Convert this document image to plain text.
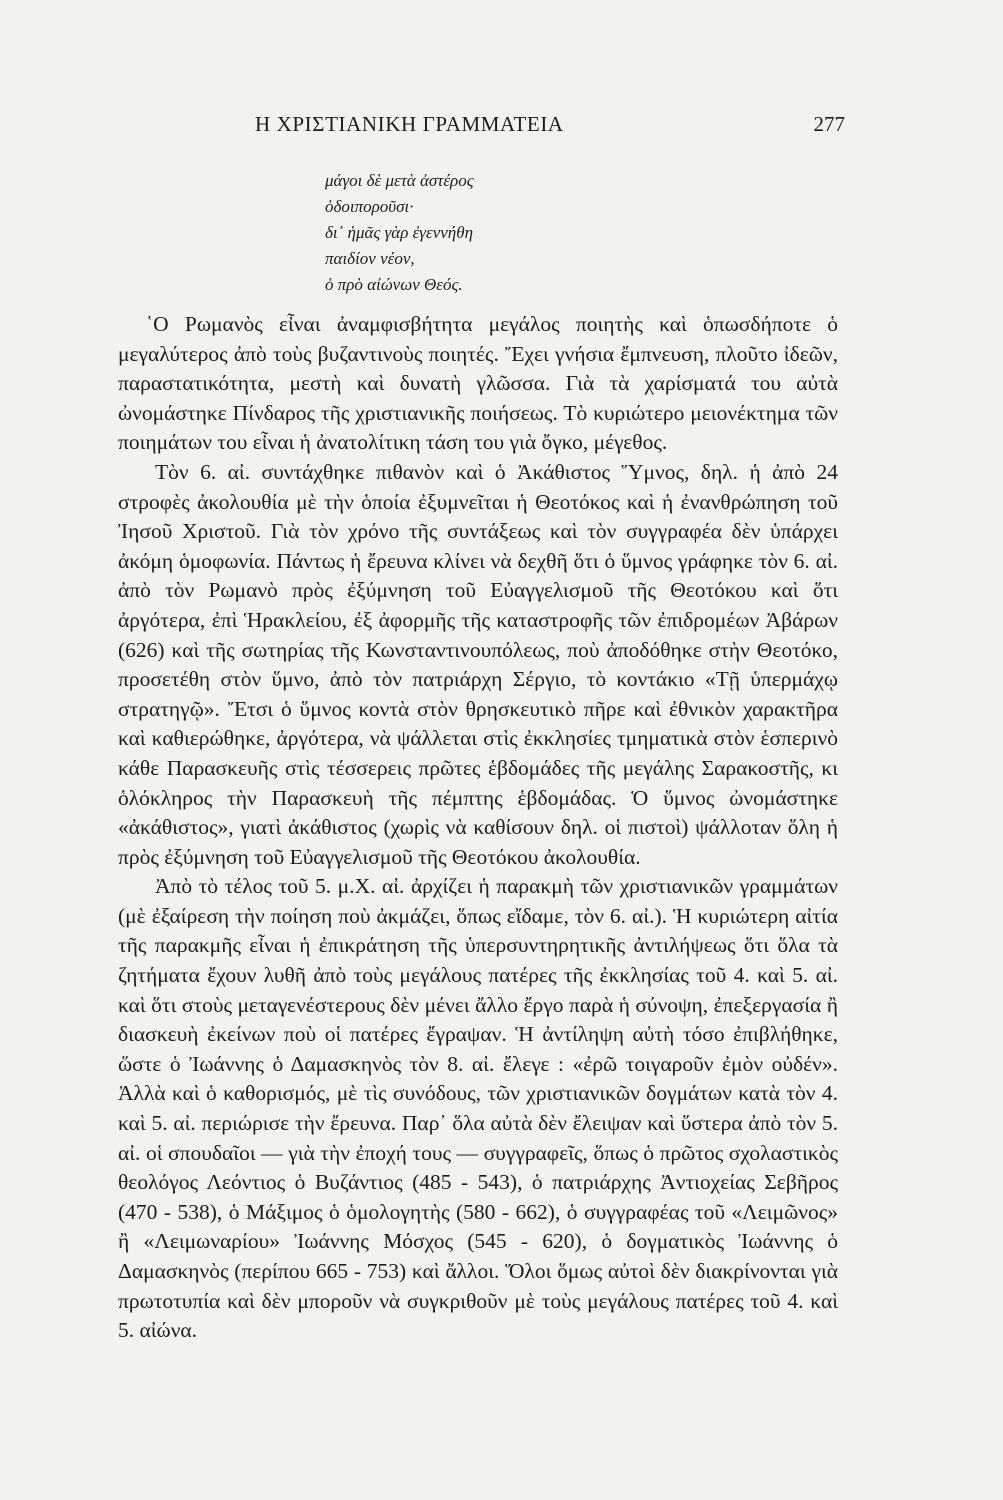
Η ΧΡΙΣΤΙΑΝΙΚΗ ΓΡΑΜΜΑΤΕΙΑ	277
μάγοι δὲ μετὰ ἀστέρος
ὁδοιποροῦσι·
δι᾿ ἡμᾶς γὰρ ἐγεννήθη
παιδίον νέον,
ὁ πρὸ αἰώνων Θεός.

῾Ο Ρωμανὸς εἶναι ἀναμφισβήτητα μεγάλος ποιητὴς καὶ ὁπωσδήποτε ὁ μεγαλύτερος ἀπὸ τοὺς βυζαντινοὺς ποιητές. Ἔχει γνήσια ἔμπνευση, πλοῦτο ἰδεῶν, παραστατικότητα, μεστὴ καὶ δυνατὴ γλῶσσα. Γιὰ τὰ χαρίσματά του αὐτὰ ὠνομάστηκε Πίνδαρος τῆς χριστιανικῆς ποιήσεως. Τὸ κυριώτερο μειονέκτημα τῶν ποιημάτων του εἶναι ἡ ἀνατολίτικη τάση του γιὰ ὄγκο, μέγεθος.

Τὸν 6. αἰ. συντάχθηκε πιθανὸν καὶ ὁ Ἀκάθιστος Ὕμνος, δηλ. ἡ ἀπὸ 24 στροφὲς ἀκολουθία μὲ τὴν ὁποία ἐξυμνεῖται ἡ Θεοτόκος καὶ ἡ ἐνανθρώπηση τοῦ Ἰησοῦ Χριστοῦ. Γιὰ τὸν χρόνο τῆς συντάξεως καὶ τὸν συγγραφέα δὲν ὑπάρχει ἀκόμη ὁμοφωνία. Πάντως ἡ ἔρευνα κλίνει νὰ δεχθῆ ὅτι ὁ ὕμνος γράφηκε τὸν 6. αἰ. ἀπὸ τὸν Ρωμανὸ πρὸς ἐξύμνηση τοῦ Εὐαγγελισμοῦ τῆς Θεοτόκου καὶ ὅτι ἀργότερα, ἐπὶ Ἡρακλείου, ἐξ ἀφορμῆς τῆς καταστροφῆς τῶν ἐπιδρομέων Ἀβάρων (626) καὶ τῆς σωτηρίας τῆς Κωνσταντινουπόλεως, ποὺ ἀποδόθηκε στὴν Θεοτόκο, προσετέθη στὸν ὕμνο, ἀπὸ τὸν πατριάρχη Σέργιο, τὸ κοντάκιο «Τῇ ὑπερμάχῳ στρατηγῷ». Ἔτσι ὁ ὕμνος κοντὰ στὸν θρησκευτικὸ πῆρε καὶ ἐθνικὸν χαρακτῆρα καὶ καθιερώθηκε, ἀργότερα, νὰ ψάλλεται στὶς ἐκκλησίες τμηματικὰ στὸν ἑσπερινὸ κάθε Παρασκευῆς στὶς τέσσερεις πρῶτες ἑβδομάδες τῆς μεγάλης Σαρακοστῆς, κι ὁλόκληρος τὴν Παρασκευὴ τῆς πέμπτης ἑβδομάδας. Ὁ ὕμνος ὠνομάστηκε «ἀκάθιστος», γιατὶ ἀκάθιστος (χωρὶς νὰ καθίσουν δηλ. οἱ πιστοὶ) ψάλλοταν ὅλη ἡ πρὸς ἐξύμνηση τοῦ Εὐαγγελισμοῦ τῆς Θεοτόκου ἀκολουθία.

Ἀπὸ τὸ τέλος τοῦ 5. μ.Χ. αἰ. ἀρχίζει ἡ παρακμὴ τῶν χριστιανικῶν γραμμάτων (μὲ ἐξαίρεση τὴν ποίηση ποὺ ἀκμάζει, ὅπως εἴδαμε, τὸν 6. αἰ.). Ἡ κυριώτερη αἰτία τῆς παρακμῆς εἶναι ἡ ἐπικράτηση τῆς ὑπερσυντηρητικῆς ἀντιλήψεως ὅτι ὅλα τὰ ζητήματα ἔχουν λυθῆ ἀπὸ τοὺς μεγάλους πατέρες τῆς ἐκκλησίας τοῦ 4. καὶ 5. αἰ. καὶ ὅτι στοὺς μεταγενέστερους δὲν μένει ἄλλο ἔργο παρὰ ἡ σύνοψη, ἐπεξεργασία ἢ διασκευὴ ἐκείνων ποὺ οἱ πατέρες ἔγραψαν. Ἡ ἀντίληψη αὐτὴ τόσο ἐπιβλήθηκε, ὥστε ὁ Ἰωάννης ὁ Δαμασκηνὸς τὸν 8. αἰ. ἔλεγε : «ἐρῶ τοιγαροῦν ἐμὸν οὐδέν». Ἀλλὰ καὶ ὁ καθορισμός, μὲ τὶς συνόδους, τῶν χριστιανικῶν δογμάτων κατὰ τὸν 4. καὶ 5. αἰ. περιώρισε τὴν ἔρευνα. Παρ᾿ ὅλα αὐτὰ δὲν ἔλειψαν καὶ ὕστερα ἀπὸ τὸν 5. αἰ. οἱ σπουδαῖοι — γιὰ τὴν ἐποχή τους — συγγραφεῖς, ὅπως ὁ πρῶτος σχολαστικὸς θεολόγος Λεόντιος ὁ Βυζάντιος (485 - 543), ὁ πατριάρχης Ἀντιοχείας Σεβῆρος (470 - 538), ὁ Μάξιμος ὁ ὁμολογητὴς (580 - 662), ὁ συγγραφέας τοῦ «Λειμῶνος» ἢ «Λειμωναρίου» Ἰωάννης Μόσχος (545 - 620), ὁ δογματικὸς Ἰωάννης ὁ Δαμασκηνὸς (περίπου 665 - 753) καὶ ἄλλοι. Ὅλοι ὅμως αὐτοὶ δὲν διακρίνονται γιὰ πρωτοτυπία καὶ δὲν μποροῦν νὰ συγκριθοῦν μὲ τοὺς μεγάλους πατέρες τοῦ 4. καὶ 5. αἰώνα.
